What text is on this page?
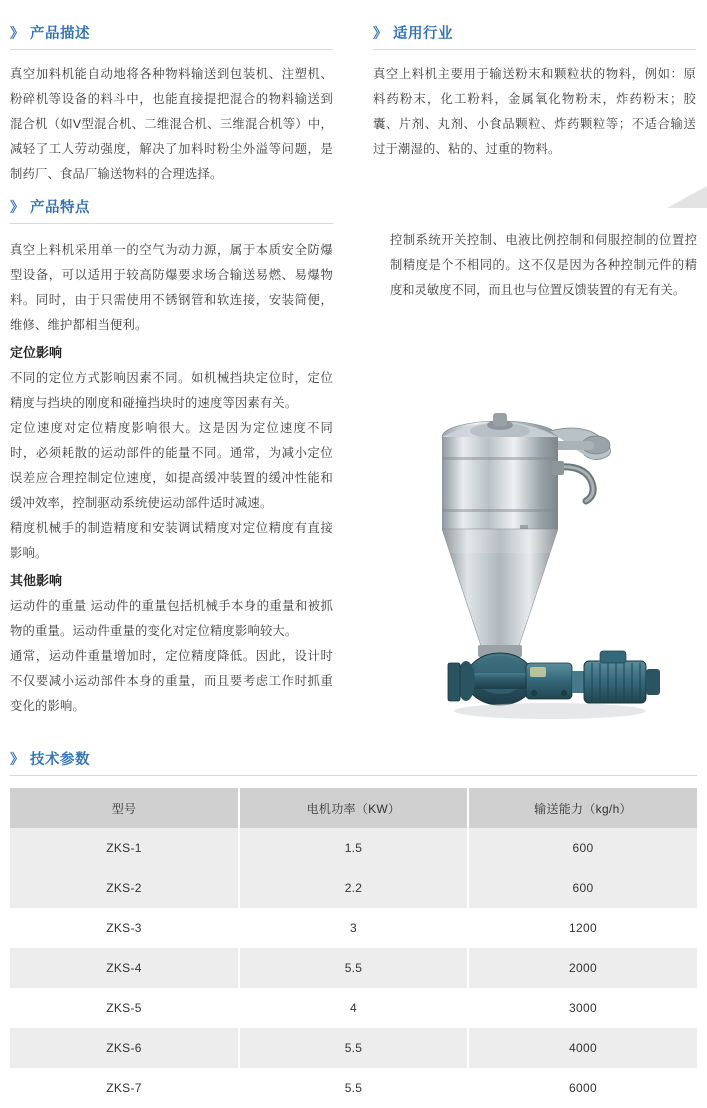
》 产品描述
真空加料机能自动地将各种物料输送到包装机、注塑机、粉碎机等设备的料斗中，也能直接提把混合的物料输送到混合机（如V型混合机、二维混合机、三维混合机等）中，减轻了工人劳动强度，解决了加料时粉尘外溢等问题，是制药厂、食品厂输送物料的合理选择。
》 适用行业
真空上料机主要用于输送粉末和颗粒状的物料，例如：原料药粉末，化工粉料，金属氧化物粉末，炸药粉末；胶囊、片剂、丸剂、小食品颗粒、炸药颗粒等；不适合输送过于潮湿的、粘的、过重的物料。
》 产品特点
真空上料机采用单一的空气为动力源，属于本质安全防爆型设备，可以适用于较高防爆要求场合输送易燃、易爆物料。同时，由于只需使用不锈钢管和软连接，安装简便，维修、维护都相当便利。
定位影响
不同的定位方式影响因素不同。如机械挡块定位时，定位精度与挡块的刚度和碰撞挡块时的速度等因素有关。
定位速度对定位精度影响很大。这是因为定位速度不同时，必须耗散的运动部件的能量不同。通常，为减小定位误差应合理控制定位速度，如提高缓冲装置的缓冲性能和缓冲效率，控制驱动系统使运动部件适时减速。
精度机械手的制造精度和安装调试精度对定位精度有直接影响。
其他影响
运动件的重量 运动件的重量包括机械手本身的重量和被抓物的重量。运动件重量的变化对定位精度影响较大。
通常，运动件重量增加时，定位精度降低。因此，设计时不仅要减小运动部件本身的重量，而且要考虑工作时抓重变化的影响。
控制系统开关控制、电液比例控制和伺服控制的位置控制精度是个不相同的。这不仅是因为各种控制元件的精度和灵敏度不同，而且也与位置反馈装置的有无有关。
》 技术参数
型号	电机功率（KW）	输送能力（kg/h）
ZKS-1	1.5	600
ZKS-2	2.2	600
ZKS-3	3	1200
ZKS-4	5.5	2000
ZKS-5	4	3000
ZKS-6	5.5	4000
ZKS-7	5.5	6000
